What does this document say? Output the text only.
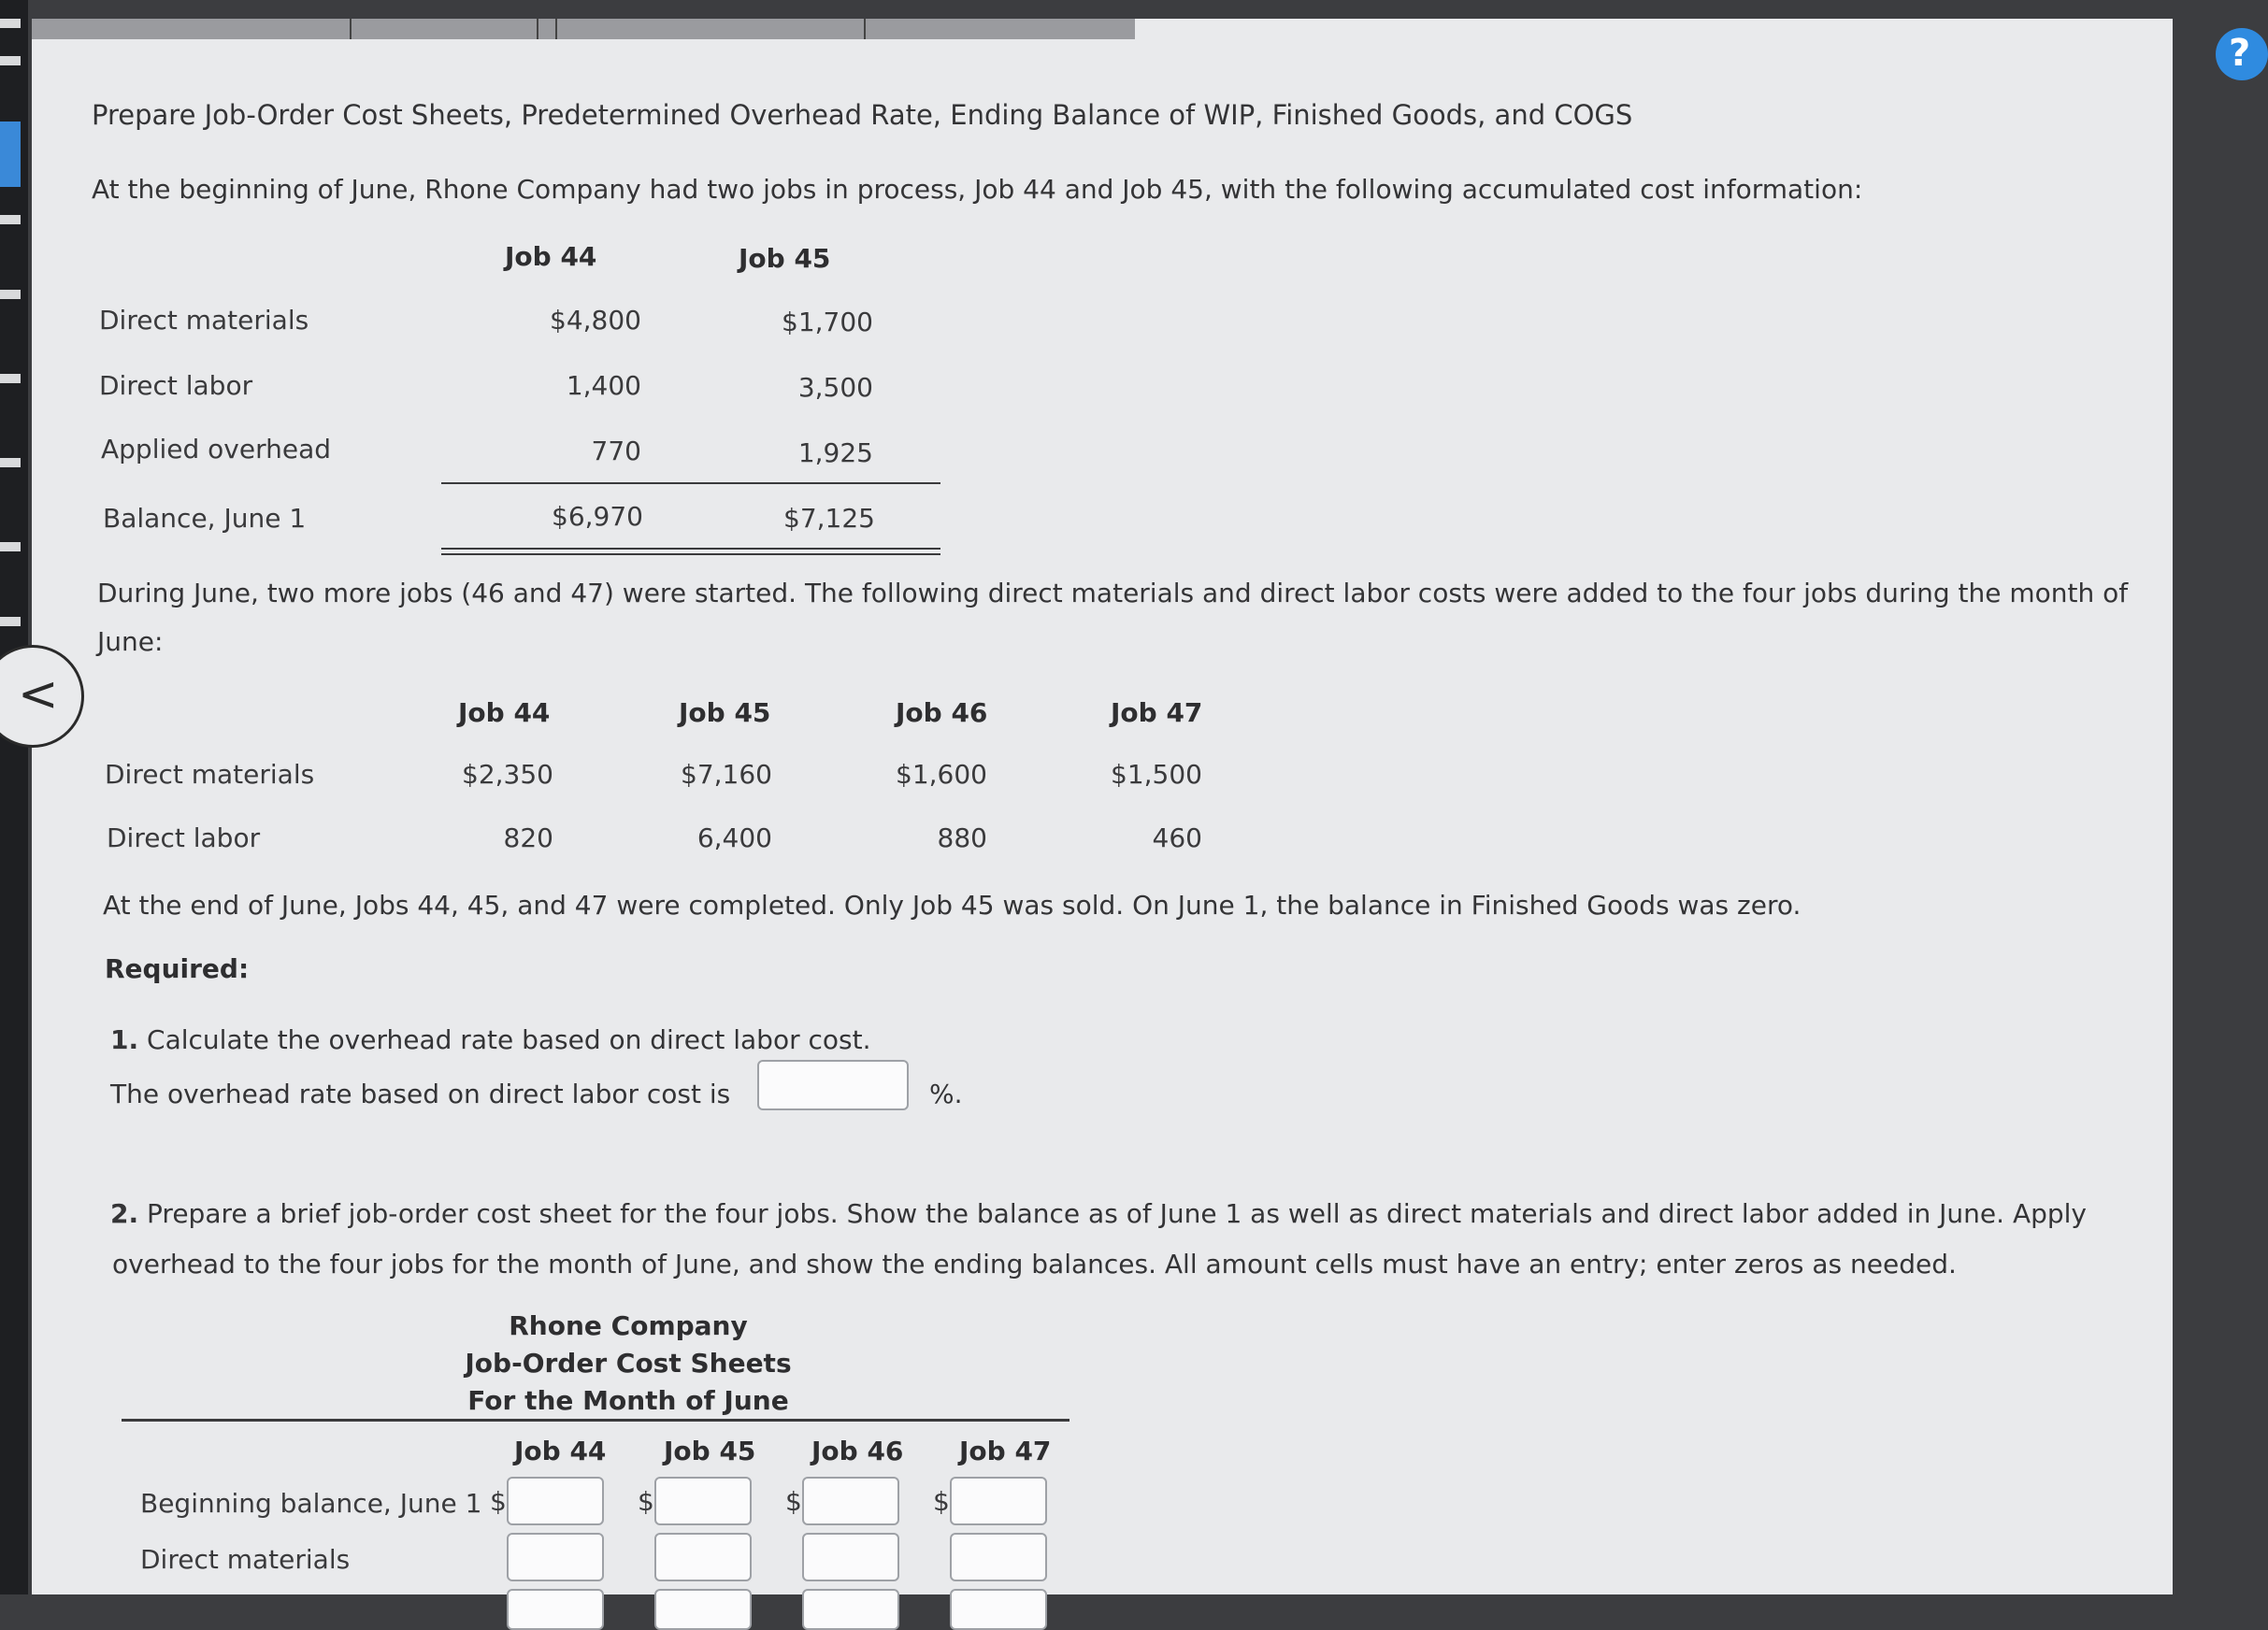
Prepare Job-Order Cost Sheets, Predetermined Overhead Rate, Ending Balance of WIP, Finished Goods, and COGS
At the beginning of June, Rhone Company had two jobs in process, Job 44 and Job 45, with the following accumulated cost information:
Job 44	Job 45
Direct materials	$4,800	$1,700
Direct labor	1,400	3,500
Applied overhead	770	1,925
Balance, June 1	$6,970	$7,125
During June, two more jobs (46 and 47) were started. The following direct materials and direct labor costs were added to the four jobs during the month of
June:
Job 44	Job 45	Job 46	Job 47
Direct materials	$2,350	$7,160	$1,600	$1,500
Direct labor	820	6,400	880	460
At the end of June, Jobs 44, 45, and 47 were completed. Only Job 45 was sold. On June 1, the balance in Finished Goods was zero.
Required:
1. Calculate the overhead rate based on direct labor cost.
The overhead rate based on direct labor cost is	%.
2. Prepare a brief job-order cost sheet for the four jobs. Show the balance as of June 1 as well as direct materials and direct labor added in June. Apply
overhead to the four jobs for the month of June, and show the ending balances. All amount cells must have an entry; enter zeros as needed.
Rhone Company
Job-Order Cost Sheets
For the Month of June
Job 44 Job 45 Job 46 Job 47
Beginning balance, June 1 $	$	$	$
Direct materials
<
?
